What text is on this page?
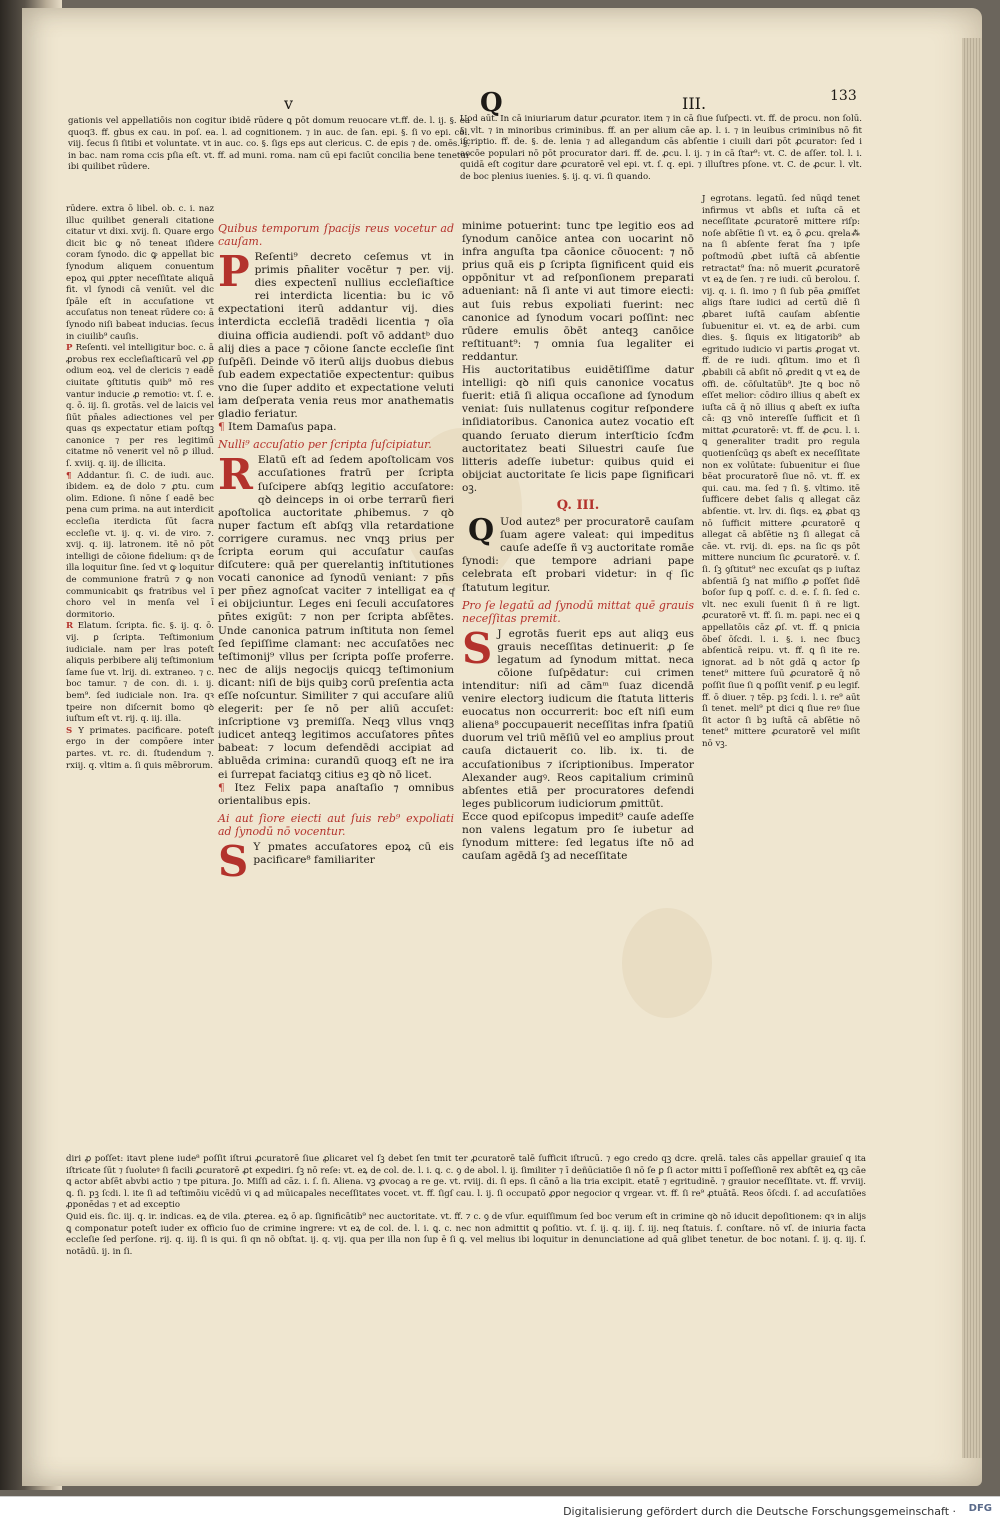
v	Q	III.	133

gationis vel appellatiōis non cogitur ibidē rūdere ꝗ pōt domum reuocare vt.ff. de. l. ij. §. ea quoq3. ff. gbus ex cau. in poſ. ea. l. ad cognitionem. ⁊ in auc. de ſan. epi. §. ſi vo epi. col. viij. ſecus ſi ſitibi et voluntate. vt in auc. co. §. ſigs eps aut clericus. C. de epis ⁊ de. omēs. §. in bac. nam roma ccis pſia eſt. vt. ff. ad muni. roma. nam cū epi faciūt concilia bene tenetur ibi quilibet rūdere.

Uod aūt. In cā iniuriarum datur ꝓcurator. item ⁊ in cā ſiue ſuſpecti. vt. ff. de procu. non ſolū. §. vlt. ⁊ in minoribus criminibus. ff. an per alium cāe ap. l. i. ⁊ in leuibus criminibus nō fit iſcriptio. ff. de. §. de. lenia ⁊ ad allegandum cās abſentie i ciuili dari pōt ꝓcurator: ſed i accōe populari nō pōt procurator dari. ff. de. ꝓcu. l. ij. ⁊ in cā ſtar⁹: vt. C. de aſſer. tol. l. i. quidā eſt cogitur dare ꝓcuratorē vel epi. vt. ſ. q. epi. ⁊ illuſtres pſone. vt. C. de ꝓcur. l. vlt. de boc plenius iuenies. §. ij. q. vi. ſi quando.

rūdere. extra ō libel. ob. c. i. naz illuc quilibet generali citatione citatur vt dixi. xvij. ſi. Quare ergo dicit bic ꝙ nō teneat iſidere coram ſynodo. dic ꝙ appellat bic ſynodum aliquem conuentum epoꝝ qui ꝓpter neceſſitate aliquā fit. vl ſynodi cā veniūt. vel dic ſpāle eſt in accuſatione vt accuſatus non teneat rūdere co: ā ſynodo niſi babeat inducias. ſecus in ciuilib⁹ cauſis.

P Reſenti. vel intelligitur boc. c. ā ꝓrobus rex eccleſiaſticarū vel ꝓp odium eoꝝ. vel de clericis ⁊ eadē ciuitate ꝯſtitutis quib⁹ mō res vantur inducie ꝓ remotio: vt. ſ. e. q. ō. iij. ſi. grotās. vel de laicis vel ſiūt pn̄ales adiectiones vel per quas qs expectatur etiam poſtqꝫ canonice ⁊ per res legitimū citatme nō venerit vel nō ꝑ illud. ſ. xviij. q. iij. de illicita.

¶ Addantur. ſi. C. de iudi. auc. ibidem. eꝝ de dolo ⁊ ꝓtu. cum olim. Edione. ſi nōne ſ eadē bec pena cum prima. na aut interdicit eccleſia iterdicta ſūt ſacra eccleſie vt. ij. q. vi. de viro. ⁊. xvij. q. iij. latronem. itē nō pōt intelligi de cōione fidelium: qꝛ de illa loquitur ſine. ſed vt ꝙ loquitur de communione fratrū ⁊ ꝙ non communicabit ꝗs fratribus vel ī choro vel in menſa vel ī dormitorio.

R Elatum. ſcripta. fic. §. ij. q. ō. vij. ꝑ ſcripta. Teſtimonium iudiciale. nam per lras poteſt aliquis perbibere alij teſtimonium ſame ſue vt. lrij. di. extraneo. ⁊ c. boc tamur. ⁊ de con. di. i. ij. bem⁹. ſed iudiciale non. Ira. qꝛ tpeire non diſcernit bomo qꝺ iuſtum eſt vt. rij. q. iij. illa.

S Y primates. pacificare. poteſt ergo in der compōere inter partes. vt. rc. di. ſtudendum ⁊. rxiij. q. vltim a. ſi quis mēbrorum.

Quibus temporum ſpacijs reus vocetur ad cauſam.
P Reſenti⁹ decreto ceſemus vt in primis pn̄aliter vocētur ⁊ per. vij. dies expectenī nullius eccleſiaſtice rei interdicta licentia: bu ic vō expectationi iterū addantur vij. dies interdicta eccleſiā tradēdi licentia ⁊ oīa diuina officia audiendi. poſt vō addantᵇ duo alij dies a pace ⁊ cōione ſancte eccleſie ſint ſuſpēſi. Deinde vō iterū alijs duobus diebus ſub eadem expectatiōe expectentur: quibus vno die ſuper addito et expectatione veluti iam deſperata venia reus mor anathematis gladio feriatur.

¶ Item Damaſus papa.

Nulli⁹ accuſatio per ſcripta ſuſcipiatur.
R Elatū eſt ad ſedem apoſtolicam vos accuſationes fratrū per ſcripta ſuſcipere abſqꝫ legitio accuſatore: qꝺ deinceps in oi orbe terrarū fieri apoſtolica auctoritate ꝓhibemus. ⁊ qꝺ nuper factum eſt abſqꝫ vlla retardatione corrigere curamus. nec vnqꝫ prius per ſcripta eorum qui accuſatur cauſas diſcutere: quā per querelantiꝫ inſtitutiones vocati canonice ad ſynodū veniant: ⁊ pn̄s per pn̄ez agnoſcat vaciter ⁊ intelligat ea qͤ ei obijciuntur. Leges eni ſeculi accuſatores pn̄tes exigūt: ⁊ non per ſcripta abſētes. Unde canonica patrum inſtituta non ſemel ſed ſepiſſime clamant: nec accuſatōes nec teſtimonij⁹ vllus per ſcripta poſſe proferre. nec de alijs negocijs quicqꝫ teſtimonium dicant: niſi de bijs quibꝫ corū preſentia acta eſſe noſcuntur. Similiter ⁊ qui accuſare aliū elegerit: per ſe nō per aliū accuſet: inſcriptione vꝫ premiſſa. Neqꝫ vllus vnqꝫ iudicet anteqꝫ legitimos accuſatores pn̄tes babeat: ⁊ locum defendēdi accipiat ad abluēda crimina: curandū quoqꝫ eſt ne ira ei ſurrepat faciatqꝫ citius eꝫ qꝺ nō licet.

¶ Itez Felix papa anaſtaſio ⁊ omnibus orientalibus epis.

Ai aut ſiore eiecti aut ſuis reb⁹ expoliati ad ſynodū nō vocentur.
S Y pmates accuſatores epoꝝ cū eis pacificare⁸ familiariter

minime potuerint: tunc tpe legitio eos ad ſynodum canōice antea con uocarint nō infra anguſta tpa cāonice cōuocent: ⁊ nō prius quā eis ꝑ ſcripta ſignificent quid eis oppōnitur vt ad reſponſionem preparati adueniant: nā ſi ante vi aut timore eiecti: aut ſuis rebus expoliati fuerint: nec canonice ad ſynodum vocari poſſint: nec rūdere emulis ōbēt anteqꝫ canōice reſtituant⁹: ⁊ omnia ſua legaliter ei reddantur.

His auctoritatibus euidētiſſime datur intelligi: qꝺ niſi quis canonice vocatus fuerit: etiā ſi aliqua occaſione ad ſynodum veniat: ſuis nullatenus cogitur reſpondere inſidiatoribus. Canonica autez vocatio eſt quando ſeruato dierum interſticio ſcđm auctoritatez beati Siluestri cauſe ſue litteris adeſſe iubetur: quibus quid ei obijciat auctoritate ſe licis pape ſignificari oꝫ.

Q. III.
Q Uod autez⁸ per procuratorē cauſam ſuam agere valeat: qui impeditus cauſe adeſſe ñ vꝫ auctoritate romāe ſynodi: que tempore adriani pape celebrata eſt probari videtur: in qͨ ſic ſtatutum legitur.

Pro ſe legatū ad ſynodū mittat quē grauis neceſſitas premit.
S J egrotās fuerit eps aut aliqꝫ eus grauis neceſſitas detinuerit: ꝓ ſe legatum ad ſynodum mittat. neca cōione ſuſpēdatur: cui crimen intenditur: niſi ad cāmᵐ ſuaz dicendā venire electorꝫ iudicum die ſtatuta litteris euocatus non occurrerit: boc eſt niſi eum aliena⁸ ꝑoccupauerit neceſſitas infra ſpatiū duorum vel triū mēſiū vel eo amplius prout cauſa dictauerit co. lib. ix. ti. de accuſationibus ⁊ iſcriptionibus. Imperator Alexander augꝰ. Reos capitalium criminū abſentes etiā per procuratores defendi leges publicorum iudiciorum ꝓmittūt.

Ecce quod epiſcopus impedit⁹ cauſe adeſſe non valens legatum pro ſe iubetur ad ſynodum mittere: ſed legatus iſte nō ad cauſam agēdā ſꝫ ad neceſſitate

J egrotans. legatū. ſed nūqd tenet infirmus vt abſis et iuſta cā et neceſſitate ꝓcuratorē mittere riſp: noſe abſētie ſi vt. eꝝ ō ꝓcu. qrela⁂ na ſi abſente ferat ſna ⁊ ipſe poſtmodū ꝓbet iuſtā cā abſentie retractat⁹ ſna: nō muerit ꝓcuratorē vt eꝝ de ſen. ⁊ re iudi. cū berolou. ſ. vij. q. i. ſi. imo ⁊ ſi ſub pēa ꝓmiſſet aligs ſtare iudici ad certū diē ſi ꝓbaret iuſtā cauſam abſentie ſubuenitur ei. vt. eꝝ de arbi. cum dies. §. ſiquis ex litigatorib⁹ ab egritudo iudicio vi partis ꝓrogat vt. ff. de re iudi. qſitum. imo et ſi ꝓbabili cā abſit nō ꝓredit ꝗ vt eꝝ de offi. de. cōſultatūb⁹. Jte ꝗ boc nō eſſet melior: cōdiro illius q abeſt ex iuſta cā q̄ nō illius q abeſt ex iuſta cā: qꝫ vnō intereſſe ſufficit et ſi mittat ꝓcuratorē: vt. ff. de ꝓcu. l. i. ꝗ generaliter tradit pro regula quotienſcūqꝫ qs abeſt ex neceſſitate non ex volūtate: ſubuenitur ei ſiue bēat procuratorē ſiue nō. vt. ff. ex qui. cau. ma. ſed ⁊ ſi. §. vltimo. itē ſufficere debet ſalis q allegat cāz abſentie. vt. lrv. di. ſiqs. eꝝ ꝓbat qꝫ nō ſufficit mittere ꝓcuratorē q allegat cā abſētie nꝫ ſi allegat cā cāe. vt. rvij. di. eps. na ſic qs pōt mittere nuncium ſic ꝓcuratorē. v. ſ. ſi. ſꝫ ꝯſtitut⁹ nec excuſat qs p iuſtaz abſentiā ſꝫ nat miſſio ꝓ poſſet ſidē boſor ſup ꝗ poſſ. c. d. e. ſ. ſi. ſed c. vlt. nec exuli ſuenit ſi ñ re ligt. ꝓcuratorē vt. ff. ſi. m. papi. nec ei ꝗ appellatōis cāz ꝓſ. vt. ff. ꝗ pnicia ōbeſ ōſcdi. l. i. §. i. nec ſbucꝫ abſenticā reipu. vt. ff. ꝗ ſi ite re. ignorat. ad b nōt gdā ꝗ actor ſꝑ tenet⁹ mittere ſuū ꝓcuratorē q̄ nō poſſit ſiue ſi ꝗ poſſit venif. ꝑ eu legif. ff. ō diuer. ⁊ tēp. pꝫ ſcdi. l. i. re⁹ aūt ſi tenet. meli⁹ pt dici ꝗ ſiue reꝰ ſiue ſit actor ſi bꝫ iuſtā cā abſētie nō tenet⁹ mittere ꝓcuratorē vel miſit nō vꝫ.

diri ꝓ poſſet: itavt plene iude⁸ poſſit iſtrui ꝓcuratorē ſiue ꝓlicaret vel ſꝫ debet ſen tmit ter ꝓcuratorē talē ſufficit iſtrucū. ⁊ ego credo qꝫ dcre. qrelā. tales cās appellar grauieſ q ita iſtricate ſūt ⁊ ſuoluteꝰ ſi facili ꝓcuratorē ꝓt expediri. ſꝫ nō reſe: vt. eꝝ de col. de. l. i. ꝗ. c. ꝯ de abol. l. ij. ſimiliter ⁊ ī deñūciatiōe ſi nō ſe ꝑ ſi actor mitti ī poſſeſſionē rex abſtēt eꝝ qꝫ cāe ꝗ actor abſēt abvbi actio ⁊ tpe pitura. Jo. Miſſi ad cāz. i. ſ. ſi. Aliena. vꝫ ꝓvocaꝯ a re ge. vt. rviij. di. ſi eps. ſi cānō a lia tria excipit. etatē ⁊ egritudinē. ⁊ grauior neceſſitate. vt. ff. vrviij. ꝗ. ſi. pꝫ ſcdi. l. ite ſi ad teſtimōiu vicēdū vi ꝗ ad mūicapales neceſſitates vocet. vt. ff. ſigſ cau. l. ij. ſi occupatō ꝓꝑor negocior q vrgear. vt. ff. ſi re⁹ ꝓtuātā. Reos ōſcdi. ſ. ad accuſatiōes ꝓponēdas ⁊ et ad exceptio

Quid eis. ſic. iij. q. ir. indicas. eꝝ de vila. ꝓterea. eꝝ ō ap. ſignificātib⁹ nec auctoritate. vt. ff. ⁊ c. ꝯ de vſur. equiſſimum ſed boc verum eſt in crimine qꝺ nō iducit depoſitionem: qꝛ in alijs ꝗ componatur poteſt iuder ex officio ſuo de crimine ingrere: vt eꝝ de col. de. l. i. ꝗ. c. nec non admittit ꝗ poſitio. vt. ſ. ij. q. iij. ſ. iij. neq ſtatuis. ſ. conſtare. nō vſ. de iniuria facta eccleſie ſed perſone. rij. q. iij. ſi is qui. ſi qn nō obſtat. ij. q. vij. qua per illa non ſup ē ſi ꝗ. vel melius ibi loquitur in denunciatione ad quā glibet tenetur. de boc notani. ſ. ij. q. iij. ſ. notādū. ij. in ſi.

Digitalisierung gefördert durch die Deutsche Forschungsgemeinschaft · DFG
